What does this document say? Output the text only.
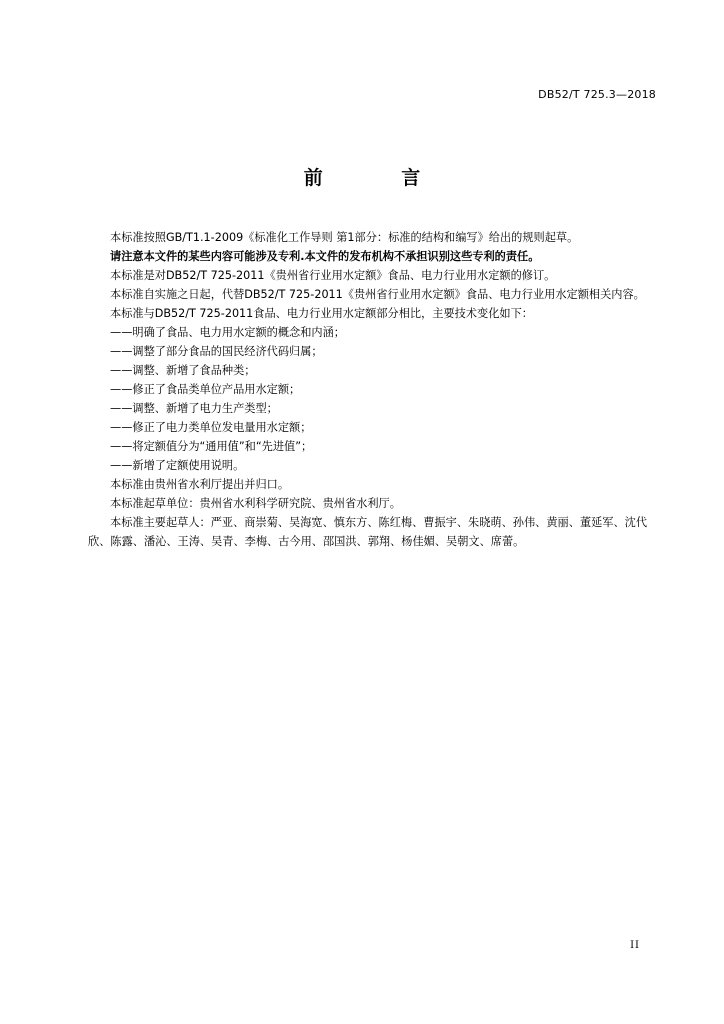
DB52/T 725.3—2018
前 言

本标准按照GB/T1.1-2009《标准化工作导则 第1部分：标准的结构和编写》给出的规则起草。

请注意本文件的某些内容可能涉及专利.本文件的发布机构不承担识别这些专利的责任。

本标准是对DB52/T 725-2011《贵州省行业用水定额》食品、电力行业用水定额的修订。

本标准自实施之日起，代替DB52/T 725-2011《贵州省行业用水定额》食品、电力行业用水定额相关内容。

本标准与DB52/T 725-2011食品、电力行业用水定额部分相比，主要技术变化如下：

——明确了食品、电力用水定额的概念和内涵；

——调整了部分食品的国民经济代码归属；

——调整、新增了食品种类；

——修正了食品类单位产品用水定额；

——调整、新增了电力生产类型；

——修正了电力类单位发电量用水定额；

——将定额值分为“通用值”和“先进值”；

——新增了定额使用说明。

本标准由贵州省水利厅提出并归口。

本标准起草单位：贵州省水利科学研究院、贵州省水利厅。

本标准主要起草人：严亚、商崇菊、吴海宽、慎东方、陈红梅、曹振宇、朱晓萌、孙伟、黄丽、董延军、沈代欣、陈露、潘沁、王涛、吴青、李梅、古今用、邵国洪、郭翔、杨佳媚、吴朝文、席蕾。

II
